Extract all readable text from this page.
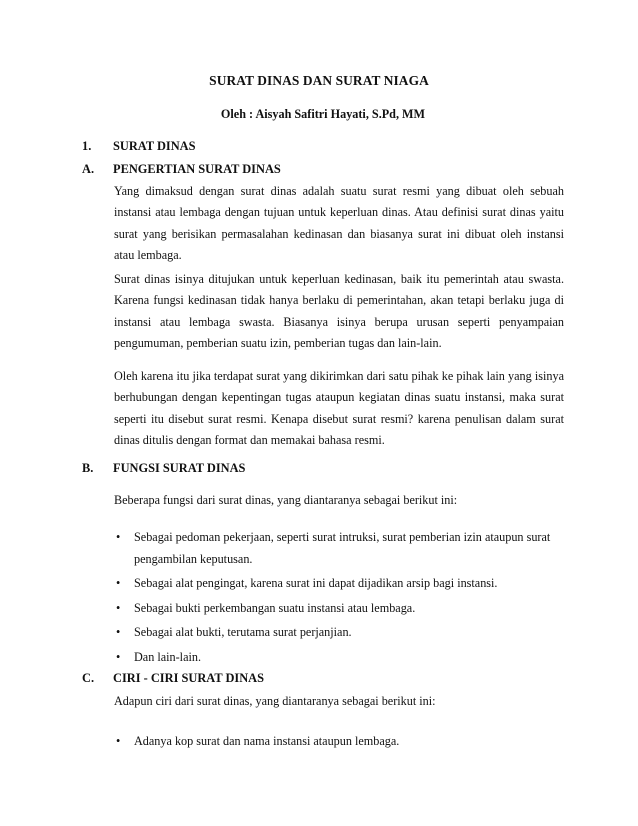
SURAT DINAS DAN SURAT NIAGA
Oleh : Aisyah Safitri Hayati, S.Pd, MM
1. SURAT DINAS
A. PENGERTIAN SURAT DINAS
Yang dimaksud dengan surat dinas adalah suatu surat resmi yang dibuat oleh sebuah instansi atau lembaga dengan tujuan untuk keperluan dinas. Atau definisi surat dinas yaitu surat yang berisikan permasalahan kedinasan dan biasanya surat ini dibuat oleh instansi atau lembaga.
Surat dinas isinya ditujukan untuk keperluan kedinasan, baik itu pemerintah atau swasta. Karena fungsi kedinasan tidak hanya berlaku di pemerintahan, akan tetapi berlaku juga di instansi atau lembaga swasta. Biasanya isinya berupa urusan seperti penyampaian pengumuman, pemberian suatu izin, pemberian tugas dan lain-lain.
Oleh karena itu jika terdapat surat yang dikirimkan dari satu pihak ke pihak lain yang isinya berhubungan dengan kepentingan tugas ataupun kegiatan dinas suatu instansi, maka surat seperti itu disebut surat resmi. Kenapa disebut surat resmi? karena penulisan dalam surat dinas ditulis dengan format dan memakai bahasa resmi.
B. FUNGSI SURAT DINAS
Beberapa fungsi dari surat dinas, yang diantaranya sebagai berikut ini:
• Sebagai pedoman pekerjaan, seperti surat intruksi, surat pemberian izin ataupun surat pengambilan keputusan.
• Sebagai alat pengingat, karena surat ini dapat dijadikan arsip bagi instansi.
• Sebagai bukti perkembangan suatu instansi atau lembaga.
• Sebagai alat bukti, terutama surat perjanjian.
• Dan lain-lain.
C. CIRI - CIRI SURAT DINAS
Adapun ciri dari surat dinas, yang diantaranya sebagai berikut ini:
• Adanya kop surat dan nama instansi ataupun lembaga.
